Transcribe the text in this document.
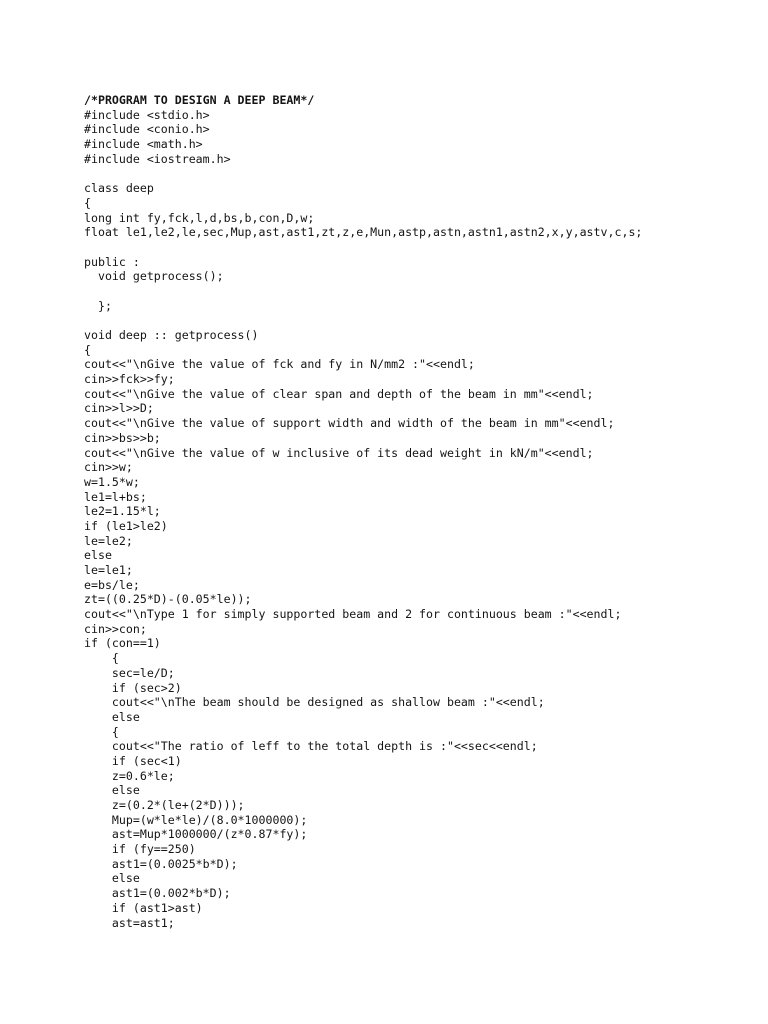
/*PROGRAM TO DESIGN A DEEP BEAM*/
#include <stdio.h>
#include <conio.h>
#include <math.h>
#include <iostream.h>
class deep
{
long int fy,fck,l,d,bs,b,con,D,w;
float le1,le2,le,sec,Mup,ast,ast1,zt,z,e,Mun,astp,astn,astn1,astn2,x,y,astv,c,s;
public :
void getprocess();
};
void deep :: getprocess()
{
cout<<"\nGive the value of fck and fy in N/mm2 :"<<endl;
cin>>fck>>fy;
cout<<"\nGive the value of clear span and depth of the beam in mm"<<endl;
cin>>l>>D;
cout<<"\nGive the value of support width and width of the beam in mm"<<endl;
cin>>bs>>b;
cout<<"\nGive the value of w inclusive of its dead weight in kN/m"<<endl;
cin>>w;
w=1.5*w;
le1=l+bs;
le2=1.15*l;
if (le1>le2)
le=le2;
else
le=le1;
e=bs/le;
zt=((0.25*D)-(0.05*le));
cout<<"\nType 1 for simply supported beam and 2 for continuous beam :"<<endl;
cin>>con;
if (con==1)
{
sec=le/D;
if (sec>2)
cout<<"\nThe beam should be designed as shallow beam :"<<endl;
else
{
cout<<"The ratio of leff to the total depth is :"<<sec<<endl;
if (sec<1)
z=0.6*le;
else
z=(0.2*(le+(2*D)));
Mup=(w*le*le)/(8.0*1000000);
ast=Mup*1000000/(z*0.87*fy);
if (fy==250)
ast1=(0.0025*b*D);
else
ast1=(0.002*b*D);
if (ast1>ast)
ast=ast1;
